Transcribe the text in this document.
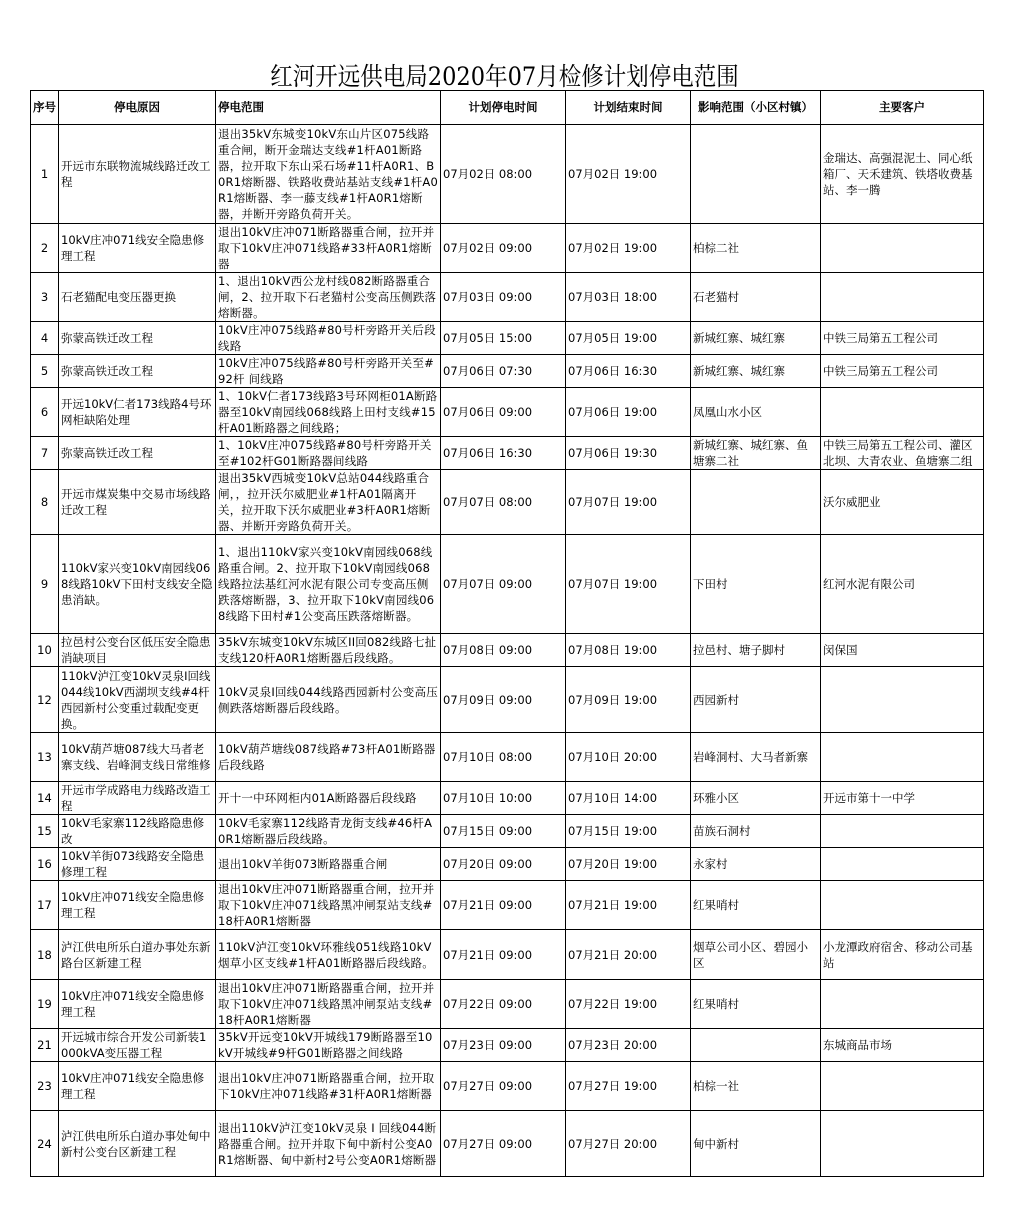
红河开远供电局2020年07月检修计划停电范围
序号	停电原因	停电范围	计划停电时间	计划结束时间	影响范围（小区村镇）	主要客户
1	开远市东联物流城线路迁改工程	退出35kV东城变10kV东山片区075线路重合闸，断开金瑞达支线#1杆A01断路器，拉开取下东山采石场#11杆A0R1、B0R1熔断器、铁路收费站基站支线#1杆A0R1熔断器、李一藤支线#1杆A0R1熔断器，并断开旁路负荷开关。	07月02日 08:00	07月02日 19:00		金瑞达、高强混泥土、同心纸箱厂、天禾建筑、铁塔收费基站、李一腾
2	10kV庄冲071线安全隐患修理工程	退出10kV庄冲071断路器重合闸，拉开并取下10kV庄冲071线路#33杆A0R1熔断器	07月02日 09:00	07月02日 19:00	柏棕二社	
3	石老猫配电变压器更换	1、退出10kV西公龙村线082断路器重合闸，2、拉开取下石老猫村公变高压侧跌落熔断器。	07月03日 09:00	07月03日 18:00	石老猫村	
4	弥蒙高铁迁改工程	10kV庄冲075线路#80号杆旁路开关后段线路	07月05日 15:00	07月05日 19:00	新城红寨、城红寨	中铁三局第五工程公司
5	弥蒙高铁迁改工程	10kV庄冲075线路#80号杆旁路开关至#92杆 间线路	07月06日 07:30	07月06日 16:30	新城红寨、城红寨	中铁三局第五工程公司
6	开远10kV仁者173线路4号环网柜缺陷处理	1、10kV仁者173线路3号环网柜01A断路器至10kV南园线068线路上田村支线#15杆A01断路器之间线路；	07月06日 09:00	07月06日 19:00	凤凰山水小区	
7	弥蒙高铁迁改工程	1、10kV庄冲075线路#80号杆旁路开关至#102杆G01断路器间线路	07月06日 16:30	07月06日 19:30	新城红寨、城红寨、鱼塘寨二社	中铁三局第五工程公司、灌区北坝、大青农业、鱼塘寨二组
8	开远市煤炭集中交易市场线路迁改工程	退出35kV西城变10kV总站044线路重合闸，，拉开沃尔威肥业#1杆A01隔离开关，拉开取下沃尔威肥业#3杆A0R1熔断器、并断开旁路负荷开关。	07月07日 08:00	07月07日 19:00		沃尔威肥业
9	110kV家兴变10kV南园线068线路10kV下田村支线安全隐患消缺。	1、退出110kV家兴变10kV南园线068线路重合闸。2、拉开取下10kV南园线068线路拉法基红河水泥有限公司专变高压侧跌落熔断器，3、拉开取下10kV南园线068线路下田村#1公变高压跌落熔断器。	07月07日 09:00	07月07日 19:00	下田村	红河水泥有限公司
10	拉邑村公变台区低压安全隐患消缺项目	35kV东城变10kV东城区II回082线路七扯支线120杆A0R1熔断器后段线路。	07月08日 09:00	07月08日 19:00	拉邑村、塘子脚村	闵保国
12	110kV泸江变10kV灵泉I回线044线10kV西湖坝支线#4杆西园新村公变重过载配变更换。	10kV灵泉I回线044线路西园新村公变高压侧跌落熔断器后段线路。	07月09日 09:00	07月09日 19:00	西园新村	
13	10kV葫芦塘087线大马者老寨支线、岩峰洞支线日常维修	10kV葫芦塘线087线路#73杆A01断路器后段线路	07月10日 08:00	07月10日 20:00	岩峰洞村、大马者新寨	
14	开远市学成路电力线路改造工程	开十一中环网柜内01A断路器后段线路	07月10日 10:00	07月10日 14:00	环雅小区	开远市第十一中学
15	10kV毛家寨112线路隐患修改	10kV毛家寨112线路青龙街支线#46杆A0R1熔断器后段线路。	07月15日 09:00	07月15日 19:00	苗族石洞村	
16	10kV羊街073线路安全隐患修理工程	退出10kV羊街073断路器重合闸	07月20日 09:00	07月20日 19:00	永家村	
17	10kV庄冲071线安全隐患修理工程	退出10kV庄冲071断路器重合闸，拉开并取下10kV庄冲071线路黑冲闸泵站支线#18杆A0R1熔断器	07月21日 09:00	07月21日 19:00	红果哨村	
18	泸江供电所乐白道办事处东新路台区新建工程	110kV泸江变10kV环雅线051线路10kV烟草小区支线#1杆A01断路器后段线路。	07月21日 09:00	07月21日 20:00	烟草公司小区、碧园小区	小龙潭政府宿舍、移动公司基站
19	10kV庄冲071线安全隐患修理工程	退出10kV庄冲071断路器重合闸，拉开并取下10kV庄冲071线路黑冲闸泵站支线#18杆A0R1熔断器	07月22日 09:00	07月22日 19:00	红果哨村	
21	开远城市综合开发公司新装1000kVA变压器工程	35kV开远变10kV开城线179断路器至10kV开城线#9杆G01断路器之间线路	07月23日 09:00	07月23日 20:00		东城商品市场
23	10kV庄冲071线安全隐患修理工程	退出10kV庄冲071断路器重合闸，拉开取下10kV庄冲071线路#31杆A0R1熔断器	07月27日 09:00	07月27日 19:00	柏棕一社	
24	泸江供电所乐白道办事处甸中新村公变台区新建工程	退出110kV泸江变10kV灵泉 I 回线044断路器重合闸。拉开并取下甸中新村公变A0R1熔断器、甸中新村2号公变A0R1熔断器	07月27日 09:00	07月27日 20:00	甸中新村	
